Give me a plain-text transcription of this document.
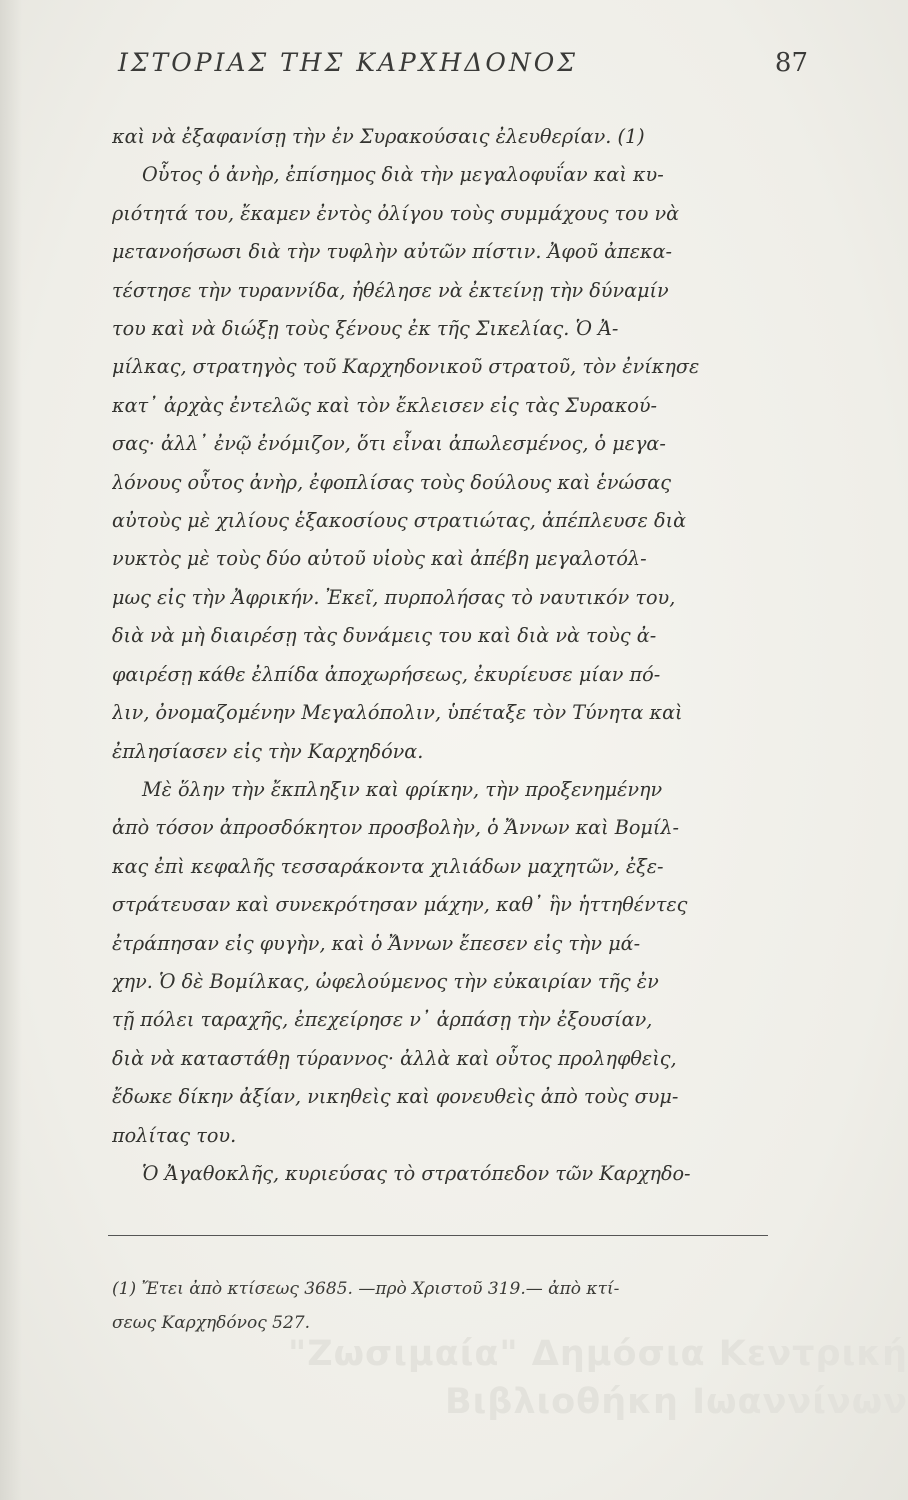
ΙΣΤΟΡΙΑΣ ΤΗΣ ΚΑΡΧΗΔΟΝΟΣ	87
καὶ νὰ ἐξαφανίσῃ τὴν ἐν Συρακούσαις ἐλευθερίαν. (1)
Οὗτος ὁ ἀνὴρ, ἐπίσημος διὰ τὴν μεγαλοφυΐαν καὶ κυ-
ριότητά του, ἔκαμεν ἐντὸς ὀλίγου τοὺς συμμάχους του νὰ
μετανοήσωσι διὰ τὴν τυφλὴν αὐτῶν πίστιν. Ἀφοῦ ἀπεκα-
τέστησε τὴν τυραννίδα, ἠθέλησε νὰ ἐκτείνῃ τὴν δύναμίν
του καὶ νὰ διώξῃ τοὺς ξένους ἐκ τῆς Σικελίας. Ὁ Ἀ-
μίλκας, στρατηγὸς τοῦ Καρχηδονικοῦ στρατοῦ, τὸν ἐνίκησε
κατ᾽ ἀρχὰς ἐντελῶς καὶ τὸν ἔκλεισεν εἰς τὰς Συρακού-
σας· ἀλλ᾽ ἐνῷ ἐνόμιζον, ὅτι εἶναι ἀπωλεσμένος, ὁ μεγα-
λόνους οὗτος ἀνὴρ, ἐφοπλίσας τοὺς δούλους καὶ ἑνώσας
αὐτοὺς μὲ χιλίους ἑξακοσίους στρατιώτας, ἀπέπλευσε διὰ
νυκτὸς μὲ τοὺς δύο αὐτοῦ υἱοὺς καὶ ἀπέβη μεγαλοτόλ-
μως εἰς τὴν Ἀφρικήν. Ἐκεῖ, πυρπολήσας τὸ ναυτικόν του,
διὰ νὰ μὴ διαιρέσῃ τὰς δυνάμεις του καὶ διὰ νὰ τοὺς ἀ-
φαιρέσῃ κάθε ἐλπίδα ἀποχωρήσεως, ἐκυρίευσε μίαν πό-
λιν, ὀνομαζομένην Μεγαλόπολιν, ὑπέταξε τὸν Τύνητα καὶ
ἐπλησίασεν εἰς τὴν Καρχηδόνα.
Μὲ ὅλην τὴν ἔκπληξιν καὶ φρίκην, τὴν προξενημένην
ἀπὸ τόσον ἀπροσδόκητον προσβολὴν, ὁ Ἄννων καὶ Βομίλ-
κας ἐπὶ κεφαλῆς τεσσαράκοντα χιλιάδων μαχητῶν, ἐξε-
στράτευσαν καὶ συνεκρότησαν μάχην, καθ᾽ ἣν ἡττηθέντες
ἐτράπησαν εἰς φυγὴν, καὶ ὁ Ἄννων ἔπεσεν εἰς τὴν μά-
χην. Ὁ δὲ Βομίλκας, ὠφελούμενος τὴν εὐκαιρίαν τῆς ἐν
τῇ πόλει ταραχῆς, ἐπεχείρησε ν᾽ ἁρπάσῃ τὴν ἐξουσίαν,
διὰ νὰ καταστάθῃ τύραννος· ἀλλὰ καὶ οὗτος προληφθεὶς,
ἔδωκε δίκην ἀξίαν, νικηθεὶς καὶ φονευθεὶς ἀπὸ τοὺς συμ-
πολίτας του.
Ὁ Ἀγαθοκλῆς, κυριεύσας τὸ στρατόπεδον τῶν Καρχηδο-
(1) Ἔτει ἀπὸ κτίσεως 3685. —πρὸ Χριστοῦ 319.— ἀπὸ κτί-
σεως Καρχηδόνος 527.
"Ζωσιμαία" Δημόσια Κεντρική
Βιβλιοθήκη Ιωαννίνων
